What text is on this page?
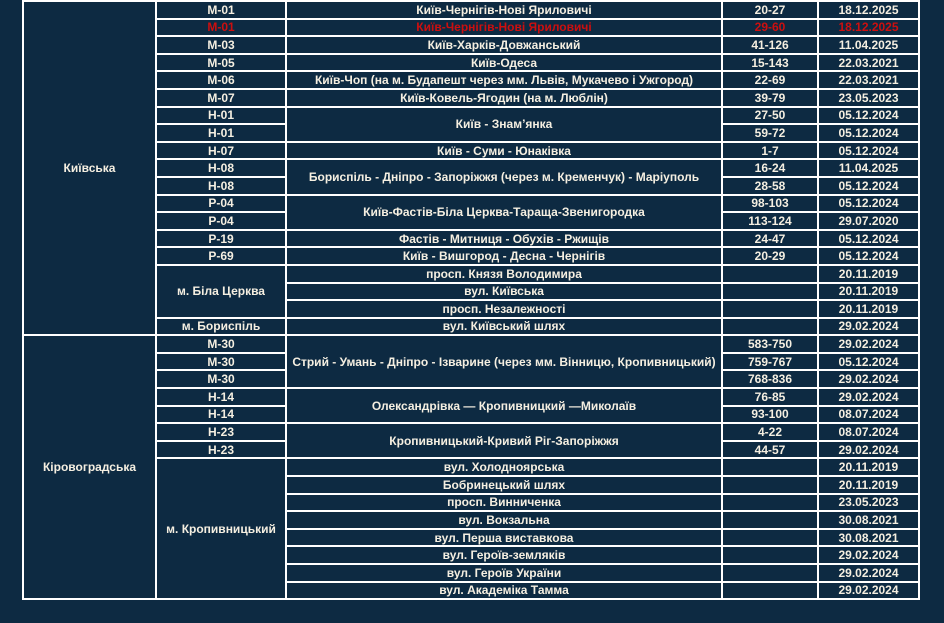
Київська	М-01	Київ-Чернігів-Нові Яриловичі	20-27	18.12.2025
	М-01	Київ-Чернігів-Нові Яриловичі	29-60	18.12.2025
	М-03	Київ-Харків-Довжанський	41-126	11.04.2025
	М-05	Київ-Одеса	15-143	22.03.2021
	М-06	Київ-Чоп (на м. Будапешт через мм. Львів, Мукачево і Ужгород)	22-69	22.03.2021
	М-07	Київ-Ковель-Ягодин (на м. Люблін)	39-79	23.05.2023
	Н-01	Київ - Знам’янка	27-50	05.12.2024
	Н-01		59-72	05.12.2024
	Н-07	Київ - Суми - Юнаківка	1-7	05.12.2024
	Н-08	Бориспіль - Дніпро - Запоріжжя (через м. Кременчук) - Маріуполь	16-24	11.04.2025
	Н-08		28-58	05.12.2024
	Р-04	Київ-Фастів-Біла Церква-Тараща-Звенигородка	98-103	05.12.2024
	Р-04		113-124	29.07.2020
	Р-19	Фастів - Митниця - Обухів - Ржищів	24-47	05.12.2024
	Р-69	Київ - Вишгород - Десна - Чернігів	20-29	05.12.2024
	м. Біла Церква	просп. Князя Володимира		20.11.2019
		вул. Київська		20.11.2019
		просп. Незалежності		20.11.2019
	м. Бориспіль	вул. Київський шлях		29.02.2024
Кіровоградська	М-30	Стрий - Умань - Дніпро - Ізварине (через мм. Вінницю, Кропивницький)	583-750	29.02.2024
	М-30		759-767	05.12.2024
	М-30		768-836	29.02.2024
	Н-14	Олександрівка — Кропивницкий —Миколаїв	76-85	29.02.2024
	Н-14		93-100	08.07.2024
	Н-23	Кропивницький-Кривий Ріг-Запоріжжя	4-22	08.07.2024
	Н-23		44-57	29.02.2024
	м. Кропивницький	вул. Холодноярська		20.11.2019
		Бобринецький шлях		20.11.2019
		просп. Винниченка		23.05.2023
		вул. Вокзальна		30.08.2021
		вул. Перша виставкова		30.08.2021
		вул. Героїв-земляків		29.02.2024
		вул. Героїв України		29.02.2024
		вул. Академіка Тамма		29.02.2024
